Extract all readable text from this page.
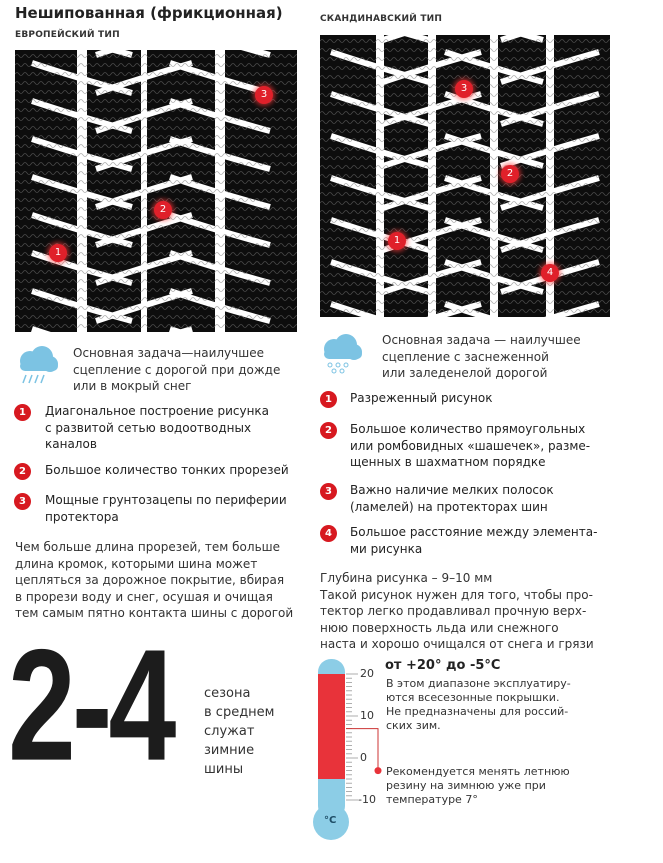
Нешипованная (фрикционная)
ЕВРОПЕЙСКИЙ ТИП
СКАНДИНАВСКИЙ ТИП
1
2
3
1
2
3
4
Основная задача—наилучшее
сцепление с дорогой при дожде
или в мокрый снег
1	Диагональное построение рисунка
с развитой сетью водоотводных
каналов
2	Большое количество тонких прорезей
3	Мощные грунтозацепы по периферии
протектора
Чем больше длина прорезей, тем больше
длина кромок, которыми шина может
цепляться за дорожное покрытие, вбирая
в прорези воду и снег, осушая и очищая
тем самым пятно контакта шины с дорогой
2-4 сезона
в среднем
служат
зимние
шины
Основная задача — наилучшее
сцепление с заснеженной
или заледенелой дорогой
1	Разреженный рисунок
2	Большое количество прямоугольных
или ромбовидных «шашечек», разме-
щенных в шахматном порядке
3	Важно наличие мелких полосок
(ламелей) на протекторах шин
4	Большое расстояние между элемента-
ми рисунка
Глубина рисунка – 9–10 мм
Такой рисунок нужен для того, чтобы про-
тектор легко продавливал прочную верх-
нюю поверхность льда или снежного
наста и хорошо очищался от снега и грязи
°C
20
10
0
-10
от +20° до -5°С
В этом диапазоне эксплуатиру-
ются всесезонные покрышки.
Не предназначены для россий-
ских зим.
Рекомендуется менять летнюю
резину на зимнюю уже при
температуре 7°
